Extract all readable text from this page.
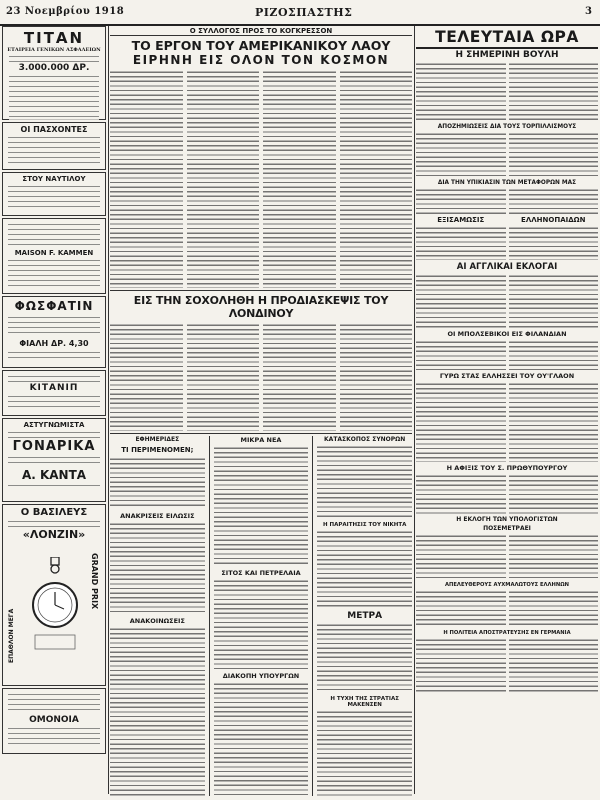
23 Νοεμβρίου 1918	ΡΙΖΟΣΠΑΣΤΗΣ	3
ΤΙΤΑΝ
ΕΤΑΙΡΕΙΑ ΓΕΝΙΚΩΝ ΑΣΦΑΛΕΙΩΝ
3.000.000 ΔΡ.
ΟΙ ΠΑΣΧΟΝΤΕΣ
ΣΤΟΥ ΝΑΥΤΙΛΟΥ
MAISON F. ΚΑΜΜΕΝ
ΦΩΣΦΑΤΙΝ
ΦΙΑΛΗ ΔΡ. 4,30
ΚΙΤΑΝΙΠ
ΑΣΤΥΓΝΩΜΙΣΤΑ
ΓΟΝΑΡΙΚΑ
Α. ΚΑΝΤΑ
Ο ΒΑΣΙΛΕΥΣ
«ΛΟΝΖΙΝ»
ΕΠΑΘΛΟΝ ΜΕΓΑ
GRAND PRIX
ΟΜΟΝΟΙΑ
Ο ΣΥΛΛΟΓΟΣ ΠΡΟΣ ΤΟ ΚΟΓΚΡΕΣΣΟΝ
ΤΟ ΕΡΓΟΝ ΤΟΥ ΑΜΕΡΙΚΑΝΙΚΟΥ ΛΑΟΥ
ΕΙΡΗΝΗ ΕΙΣ ΟΛΟΝ ΤΟΝ ΚΟΣΜΟΝ
ΕΙΣ ΤΗΝ ΣΟΧΟΛΗΘΗ Η ΠΡΟΔΙΑΣΚΕΨΙΣ ΤΟΥ ΛΟΝΔΙΝΟΥ
ΕΦΗΜΕΡΙΔΕΣ
ΤΙ ΠΕΡΙΜΕΝΟΜΕΝ;
ΑΝΑΚΡΙΣΕΙΣ ΕΙΛΩΣΙΣ
ΑΝΑΚΟΙΝΩΣΕΙΣ
ΜΙΚΡΑ ΝΕΑ
ΣΙΤΟΣ ΚΑΙ ΠΕΤΡΕΛΑΙΑ
ΔΙΑΚΟΠΗ ΥΠΟΥΡΓΩΝ
ΚΑΤΑΣΚΟΠΟΣ ΣΥΝΟΡΩΝ
Η ΠΑΡΑΙΤΗΣΙΣ ΤΟΥ ΝΙΚΗΤΑ
ΜΕΤΡΑ
Η ΤΥΧΗ ΤΗΣ ΣΤΡΑΤΙΑΣ ΜΑΚΕΝΣΕΝ
ΤΕΛΕΥΤΑΙΑ ΩΡΑ
Η ΣΗΜΕΡΙΝΗ ΒΟΥΛΗ
ΑΠΟΖΗΜΙΩΣΕΙΣ ΔΙΑ ΤΟΥΣ ΤΟΡΠΙΛΛΙΣΜΟΥΣ
ΔΙΑ ΤΗΝ ΥΠΙΚΙΑΣΙΝ ΤΩΝ ΜΕΤΑΦΟΡΩΝ ΜΑΣ
ΕΞΙΣΑΜΩΣΙΣ	ΕΛΛΗΝΟΠΑΙΔΩΝ
ΑΙ ΑΓΓΛΙΚΑΙ ΕΚΛΟΓΑΙ
ΟΙ ΜΠΟΛΣΕΒΙΚΟΙ ΕΙΣ ΦΙΛΑΝΔΙΑΝ
ΓΥΡΩ ΣΤΑΣ ΕΛΛΗΣΣΕΙ ΤΟΥ ΟΥ'ΓΛΑΟΝ
Η ΑΦΙΞΙΣ ΤΟΥ Σ. ΠΡΩΘΥΠΟΥΡΓΟΥ
Η ΕΚΛΟΓΗ ΤΩΝ ΥΠΟΛΟΓΙΣΤΩΝ
ΠΟΣΕΜΕΤΡΑΕΙ
ΑΠΕΛΕΥΘΕΡΟΥΣ ΑΥΧΜΑΛΩΤΟΥΣ ΕΛΛΗΝΩΝ
Η ΠΟΛΙΤΕΙΑ ΑΠΟΣΤΡΑΤΕΥΣΗΣ ΕΝ ΓΕΡΜΑΝΙΑ
